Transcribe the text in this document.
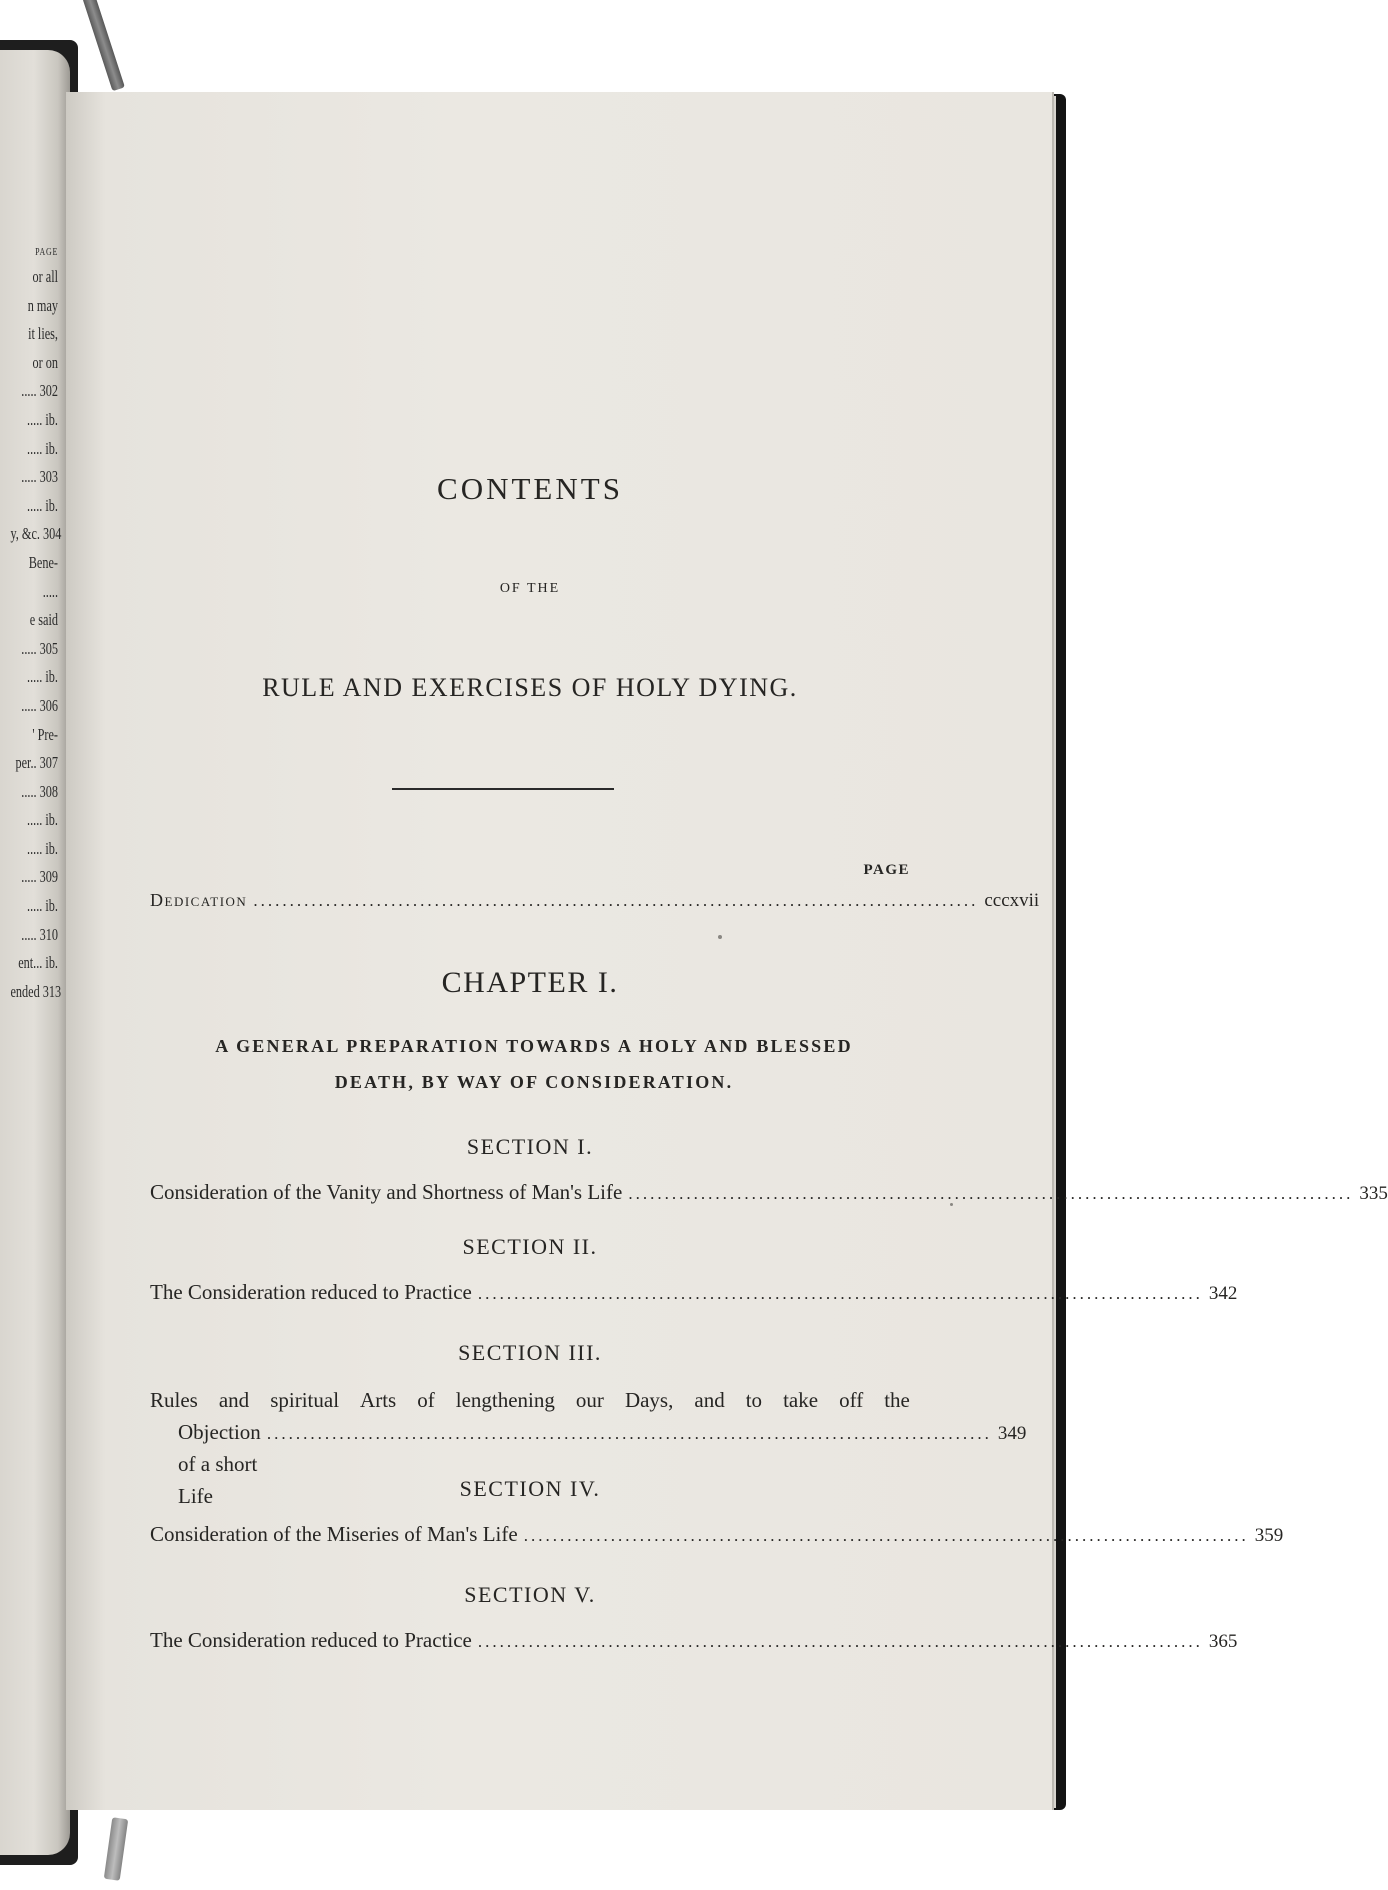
PAGE
or all
n may
it lies,
or on
..... 302
..... ib.
..... ib.
..... 303
..... ib.
y, &c. 304
Bene-
.....
e said
..... 305
..... ib.
..... 306
' Pre-
per.. 307
..... 308
..... ib.
..... ib.
..... 309
..... ib.
..... 310
ent... ib.
ended 313

CONTENTS
OF THE
RULE AND EXERCISES OF HOLY DYING.
PAGE
Dedication .................................................................................................... cccxvii
CHAPTER I.
A GENERAL PREPARATION TOWARDS A HOLY AND BLESSED
DEATH, BY WAY OF CONSIDERATION.
SECTION I.
Consideration of the Vanity and Shortness of Man's Life .................................................................................................... 335
SECTION II.
The Consideration reduced to Practice .................................................................................................... 342
SECTION III.
Rules and spiritual Arts of lengthening our Days, and to take off the
Objection of a short Life
.................................................................................................... 349
SECTION IV.
Consideration of the Miseries of Man's Life .................................................................................................... 359
SECTION V.
The Consideration reduced to Practice .................................................................................................... 365
